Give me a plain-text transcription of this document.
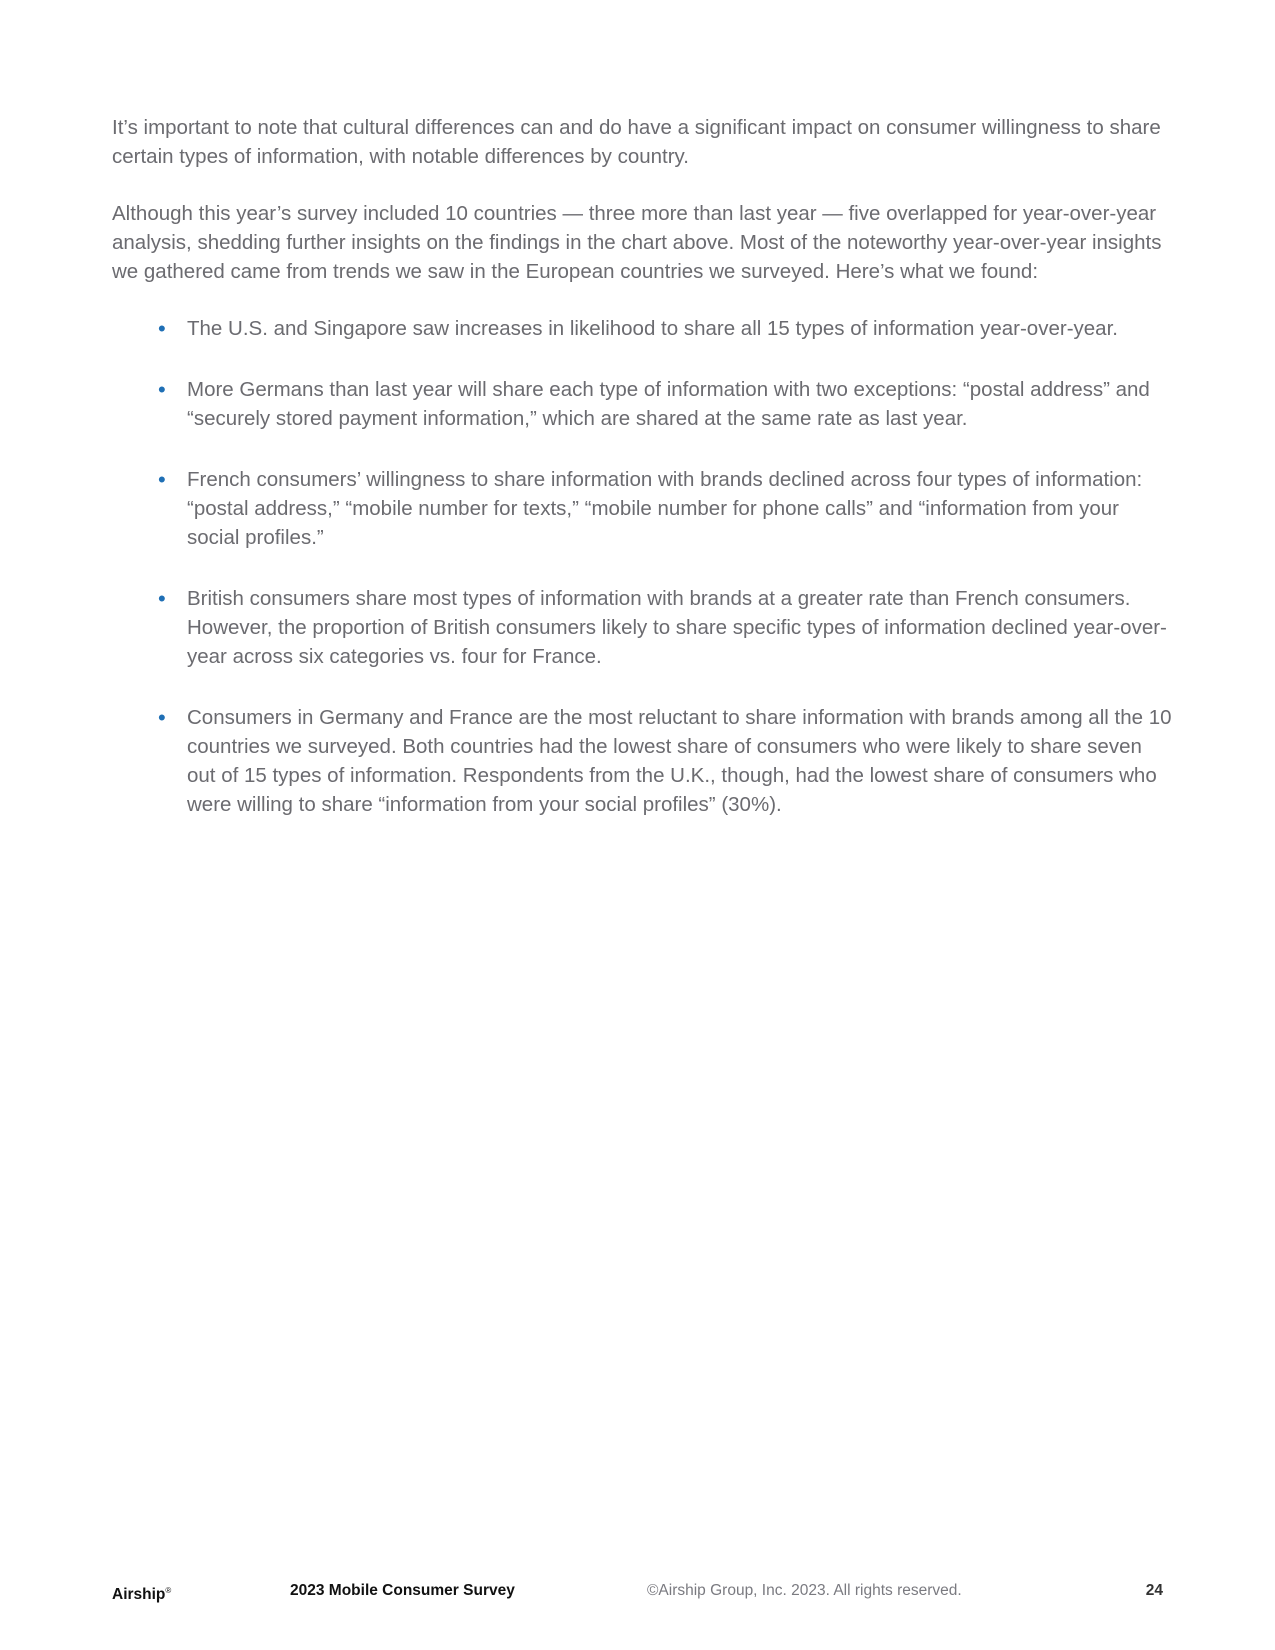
It’s important to note that cultural differences can and do have a significant impact on consumer willingness to share certain types of information, with notable differences by country.

Although this year’s survey included 10 countries — three more than last year — five overlapped for year-over-year analysis, shedding further insights on the findings in the chart above. Most of the noteworthy year-over-year insights we gathered came from trends we saw in the European countries we surveyed. Here’s what we found:

•	The U.S. and Singapore saw increases in likelihood to share all 15 types of information year-over-year.
•	More Germans than last year will share each type of information with two exceptions: “postal address” and “securely stored payment information,” which are shared at the same rate as last year.
•	French consumers’ willingness to share information with brands declined across four types of information: “postal address,” “mobile number for texts,” “mobile number for phone calls” and “information from your social profiles.”
•	British consumers share most types of information with brands at a greater rate than French consumers. However, the proportion of British consumers likely to share specific types of information declined year-over-year across six categories vs. four for France.
•	Consumers in Germany and France are the most reluctant to share information with brands among all the 10 countries we surveyed. Both countries had the lowest share of consumers who were likely to share seven out of 15 types of information. Respondents from the U.K., though, had the lowest share of consumers who were willing to share “information from your social profiles” (30%).
Airship®	2023 Mobile Consumer Survey	©Airship Group, Inc. 2023. All rights reserved.	24
